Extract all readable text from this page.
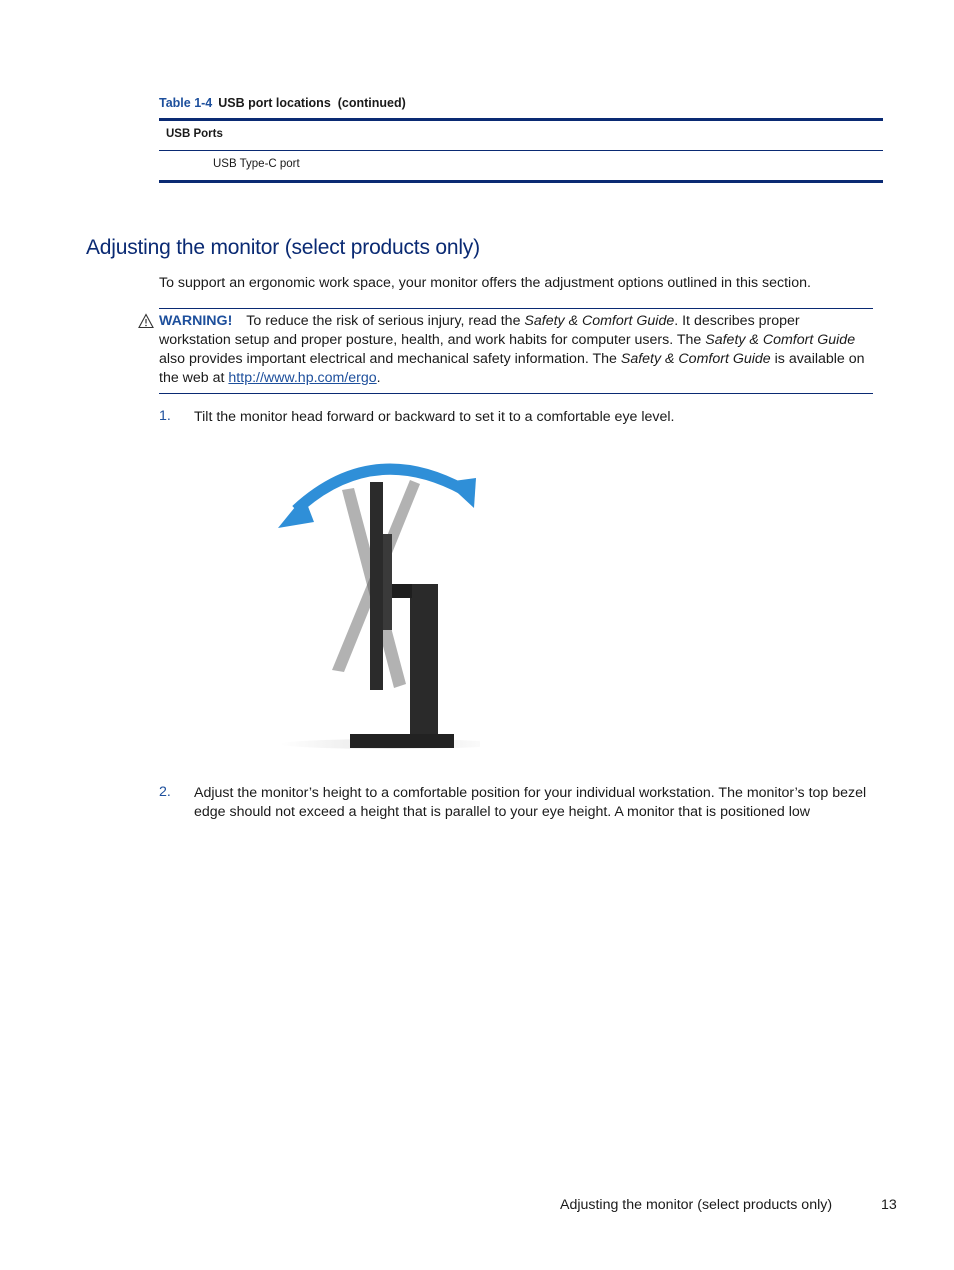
Table 1-4 USB port locations  (continued)
USB Ports
USB Type-C port
Adjusting the monitor (select products only)
To support an ergonomic work space, your monitor offers the adjustment options outlined in this section.
WARNING! To reduce the risk of serious injury, read the Safety & Comfort Guide. It describes proper workstation setup and proper posture, health, and work habits for computer users. The Safety & Comfort Guide also provides important electrical and mechanical safety information. The Safety & Comfort Guide is available on the web at http://www.hp.com/ergo.
1. Tilt the monitor head forward or backward to set it to a comfortable eye level.
2. Adjust the monitor’s height to a comfortable position for your individual workstation. The monitor’s top bezel edge should not exceed a height that is parallel to your eye height. A monitor that is positioned low
Adjusting the monitor (select products only)	13
